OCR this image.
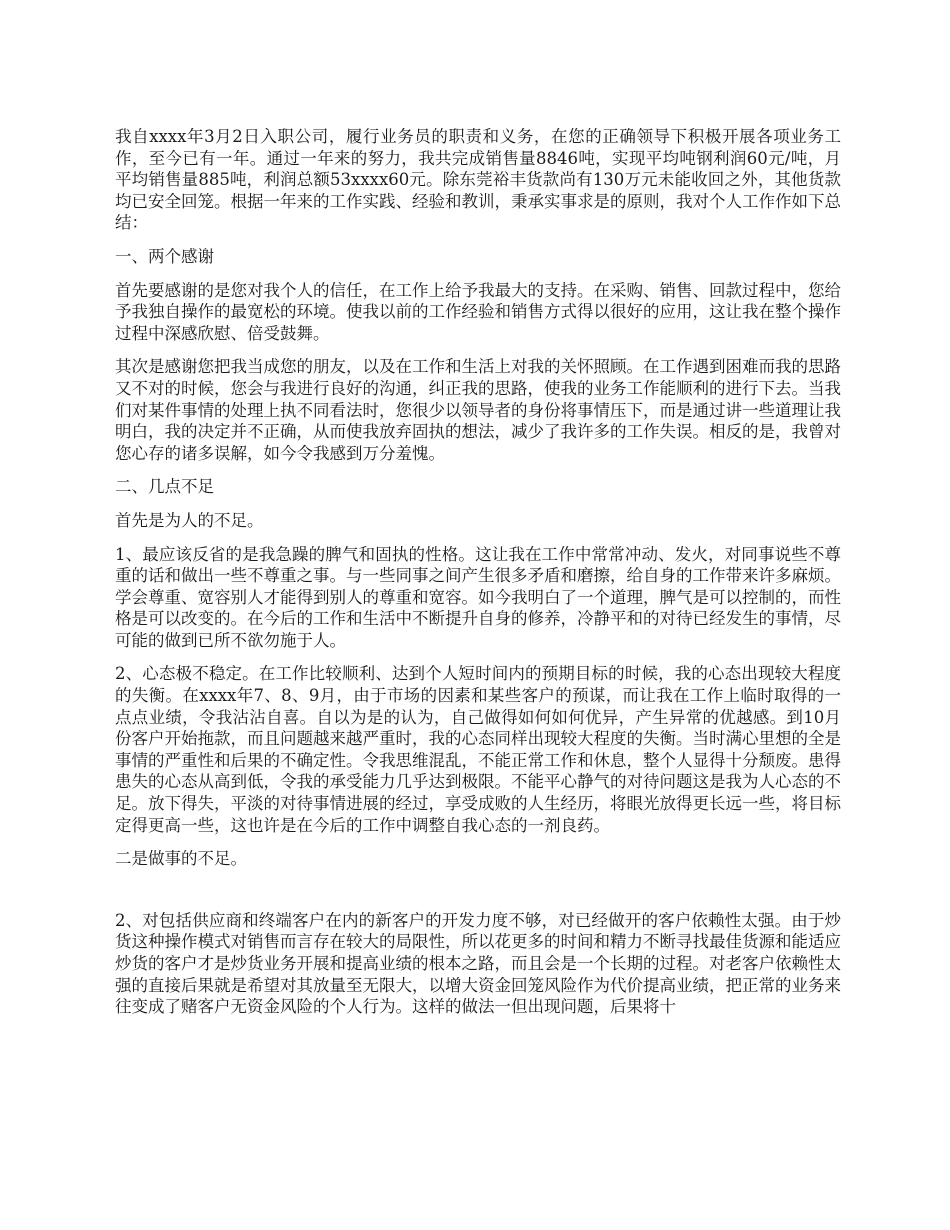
我自xxxx年3月2日入职公司，履行业务员的职责和义务，在您的正确领导下积极开展各项业务工作，至今已有一年。通过一年来的努力，我共完成销售量8846吨，实现平均吨钢利润60元/吨，月平均销售量885吨，利润总额53xxxx60元。除东莞裕丰货款尚有130万元未能收回之外，其他货款均已安全回笼。根据一年来的工作实践、经验和教训，秉承实事求是的原则，我对个人工作作如下总结：

一、两个感谢

首先要感谢的是您对我个人的信任，在工作上给予我最大的支持。在采购、销售、回款过程中，您给予我独自操作的最宽松的环境。使我以前的工作经验和销售方式得以很好的应用，这让我在整个操作过程中深感欣慰、倍受鼓舞。

其次是感谢您把我当成您的朋友，以及在工作和生活上对我的关怀照顾。在工作遇到困难而我的思路又不对的时候，您会与我进行良好的沟通，纠正我的思路，使我的业务工作能顺利的进行下去。当我们对某件事情的处理上执不同看法时，您很少以领导者的身份将事情压下，而是通过讲一些道理让我明白，我的决定并不正确，从而使我放弃固执的想法，减少了我许多的工作失误。相反的是，我曾对您心存的诸多误解，如今令我感到万分羞愧。

二、几点不足

首先是为人的不足。

1、最应该反省的是我急躁的脾气和固执的性格。这让我在工作中常常冲动、发火，对同事说些不尊重的话和做出一些不尊重之事。与一些同事之间产生很多矛盾和磨擦，给自身的工作带来许多麻烦。学会尊重、宽容别人才能得到别人的尊重和宽容。如今我明白了一个道理，脾气是可以控制的，而性格是可以改变的。在今后的工作和生活中不断提升自身的修养，冷静平和的对待已经发生的事情，尽可能的做到已所不欲勿施于人。

2、心态极不稳定。在工作比较顺利、达到个人短时间内的预期目标的时候，我的心态出现较大程度的失衡。在xxxx年7、8、9月，由于市场的因素和某些客户的预谋，而让我在工作上临时取得的一点点业绩，令我沾沾自喜。自以为是的认为，自己做得如何如何优异，产生异常的优越感。到10月份客户开始拖款，而且问题越来越严重时，我的心态同样出现较大程度的失衡。当时满心里想的全是事情的严重性和后果的不确定性。令我思维混乱，不能正常工作和休息，整个人显得十分颓废。患得患失的心态从高到低，令我的承受能力几乎达到极限。不能平心静气的对待问题这是我为人心态的不足。放下得失，平淡的对待事情进展的经过，享受成败的人生经历，将眼光放得更长远一些，将目标定得更高一些，这也许是在今后的工作中调整自我心态的一剂良药。

二是做事的不足。

2、对包括供应商和终端客户在内的新客户的开发力度不够，对已经做开的客户依赖性太强。由于炒货这种操作模式对销售而言存在较大的局限性，所以花更多的时间和精力不断寻找最佳货源和能适应炒货的客户才是炒货业务开展和提高业绩的根本之路，而且会是一个长期的过程。对老客户依赖性太强的直接后果就是希望对其放量至无限大，以增大资金回笼风险作为代价提高业绩，把正常的业务来往变成了赌客户无资金风险的个人行为。这样的做法一但出现问题，后果将十
